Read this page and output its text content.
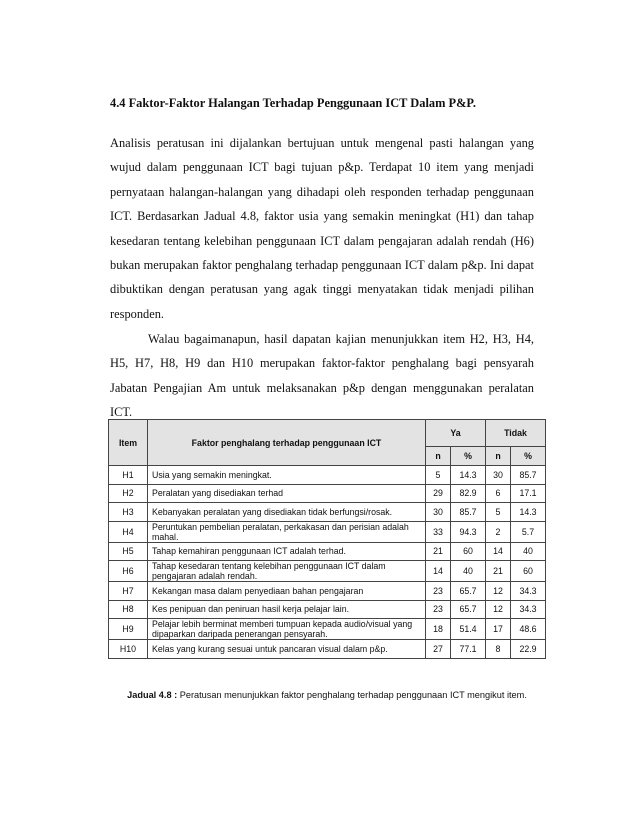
4.4 Faktor-Faktor Halangan Terhadap Penggunaan ICT Dalam P&P.

Analisis peratusan ini dijalankan bertujuan untuk mengenal pasti halangan yang wujud dalam penggunaan ICT bagi tujuan p&p. Terdapat 10 item yang menjadi pernyataan halangan-halangan yang dihadapi oleh responden terhadap penggunaan ICT. Berdasarkan Jadual 4.8, faktor usia yang semakin meningkat (H1) dan tahap kesedaran tentang kelebihan penggunaan ICT dalam pengajaran adalah rendah (H6) bukan merupakan faktor penghalang terhadap penggunaan ICT dalam p&p. Ini dapat dibuktikan dengan peratusan yang agak tinggi menyatakan tidak menjadi pilihan responden.

Walau bagaimanapun, hasil dapatan kajian menunjukkan item H2, H3, H4, H5, H7, H8, H9 dan H10 merupakan faktor-faktor penghalang bagi pensyarah Jabatan Pengajian Am untuk melaksanakan p&p dengan menggunakan peralatan ICT.

Item	Faktor penghalang terhadap penggunaan ICT	Ya		Tidak	
		n	%	n	%
H1	Usia yang semakin meningkat.	5	14.3	30	85.7
H2	Peralatan yang disediakan terhad	29	82.9	6	17.1
H3	Kebanyakan peralatan yang disediakan tidak berfungsi/rosak.	30	85.7	5	14.3
H4	Peruntukan pembelian peralatan, perkakasan dan perisian adalah mahal.	33	94.3	2	5.7
H5	Tahap kemahiran penggunaan ICT adalah terhad.	21	60	14	40
H6	Tahap kesedaran tentang kelebihan penggunaan ICT dalam pengajaran adalah rendah.	14	40	21	60
H7	Kekangan masa dalam penyediaan bahan pengajaran	23	65.7	12	34.3
H8	Kes penipuan dan peniruan hasil kerja pelajar lain.	23	65.7	12	34.3
H9	Pelajar lebih berminat memberi tumpuan kepada audio/visual yang dipaparkan daripada penerangan pensyarah.	18	51.4	17	48.6
H10	Kelas yang kurang sesuai untuk pancaran visual dalam p&p.	27	77.1	8	22.9
Jadual 4.8 : Peratusan menunjukkan faktor penghalang terhadap penggunaan ICT mengikut item.
